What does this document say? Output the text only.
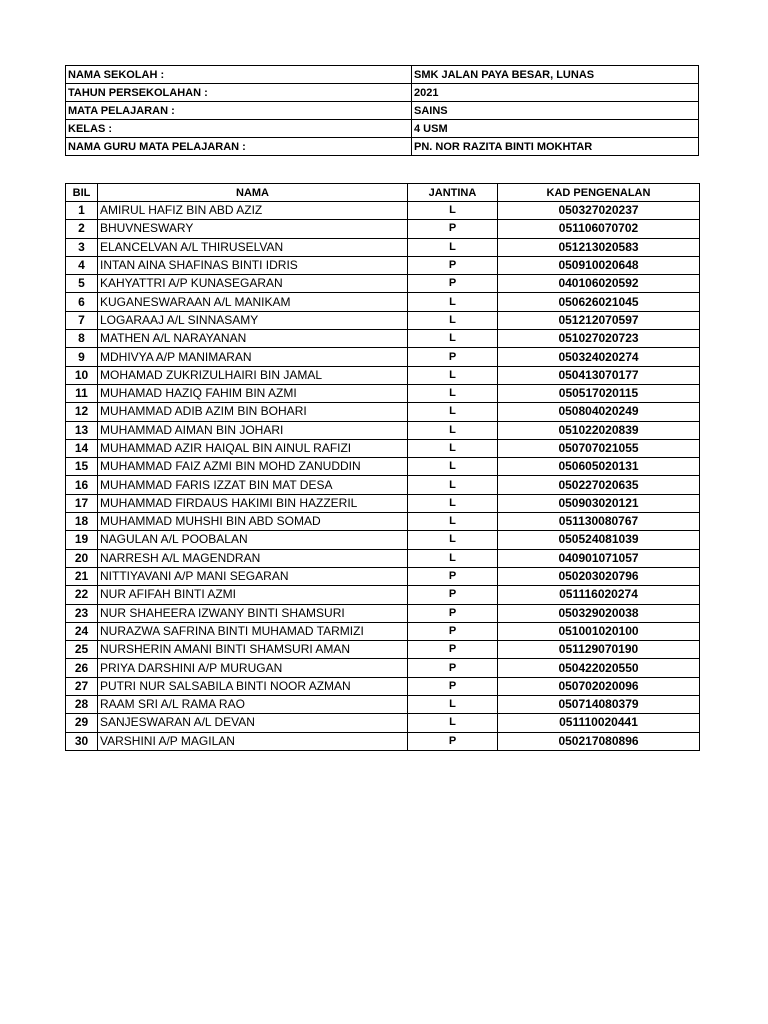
NAMA SEKOLAH :	SMK JALAN PAYA BESAR, LUNAS
TAHUN PERSEKOLAHAN :	2021
MATA PELAJARAN :	SAINS
KELAS :	4 USM
NAMA GURU MATA PELAJARAN :	PN. NOR RAZITA BINTI MOKHTAR
BIL	NAMA	JANTINA	KAD PENGENALAN
1	AMIRUL HAFIZ BIN ABD AZIZ	L	050327020237
2	BHUVNESWARY	P	051106070702
3	ELANCELVAN A/L THIRUSELVAN	L	051213020583
4	INTAN AINA SHAFINAS BINTI IDRIS	P	050910020648
5	KAHYATTRI A/P KUNASEGARAN	P	040106020592
6	KUGANESWARAAN A/L MANIKAM	L	050626021045
7	LOGARAAJ A/L SINNASAMY	L	051212070597
8	MATHEN A/L NARAYANAN	L	051027020723
9	MDHIVYA A/P MANIMARAN	P	050324020274
10	MOHAMAD ZUKRIZULHAIRI BIN JAMAL	L	050413070177
11	MUHAMAD HAZIQ FAHIM BIN AZMI	L	050517020115
12	MUHAMMAD ADIB AZIM BIN BOHARI	L	050804020249
13	MUHAMMAD AIMAN BIN JOHARI	L	051022020839
14	MUHAMMAD AZIR HAIQAL BIN AINUL RAFIZI	L	050707021055
15	MUHAMMAD FAIZ AZMI BIN MOHD ZANUDDIN	L	050605020131
16	MUHAMMAD FARIS IZZAT BIN MAT DESA	L	050227020635
17	MUHAMMAD FIRDAUS HAKIMI BIN HAZZERIL	L	050903020121
18	MUHAMMAD MUHSHI BIN ABD SOMAD	L	051130080767
19	NAGULAN A/L POOBALAN	L	050524081039
20	NARRESH A/L MAGENDRAN	L	040901071057
21	NITTIYAVANI A/P MANI SEGARAN	P	050203020796
22	NUR AFIFAH BINTI AZMI	P	051116020274
23	NUR SHAHEERA IZWANY BINTI SHAMSURI	P	050329020038
24	NURAZWA SAFRINA BINTI MUHAMAD TARMIZI	P	051001020100
25	NURSHERIN AMANI BINTI SHAMSURI AMAN	P	051129070190
26	PRIYA DARSHINI A/P MURUGAN	P	050422020550
27	PUTRI NUR SALSABILA BINTI NOOR AZMAN	P	050702020096
28	RAAM SRI A/L RAMA RAO	L	050714080379
29	SANJESWARAN A/L DEVAN	L	051110020441
30	VARSHINI A/P MAGILAN	P	050217080896
